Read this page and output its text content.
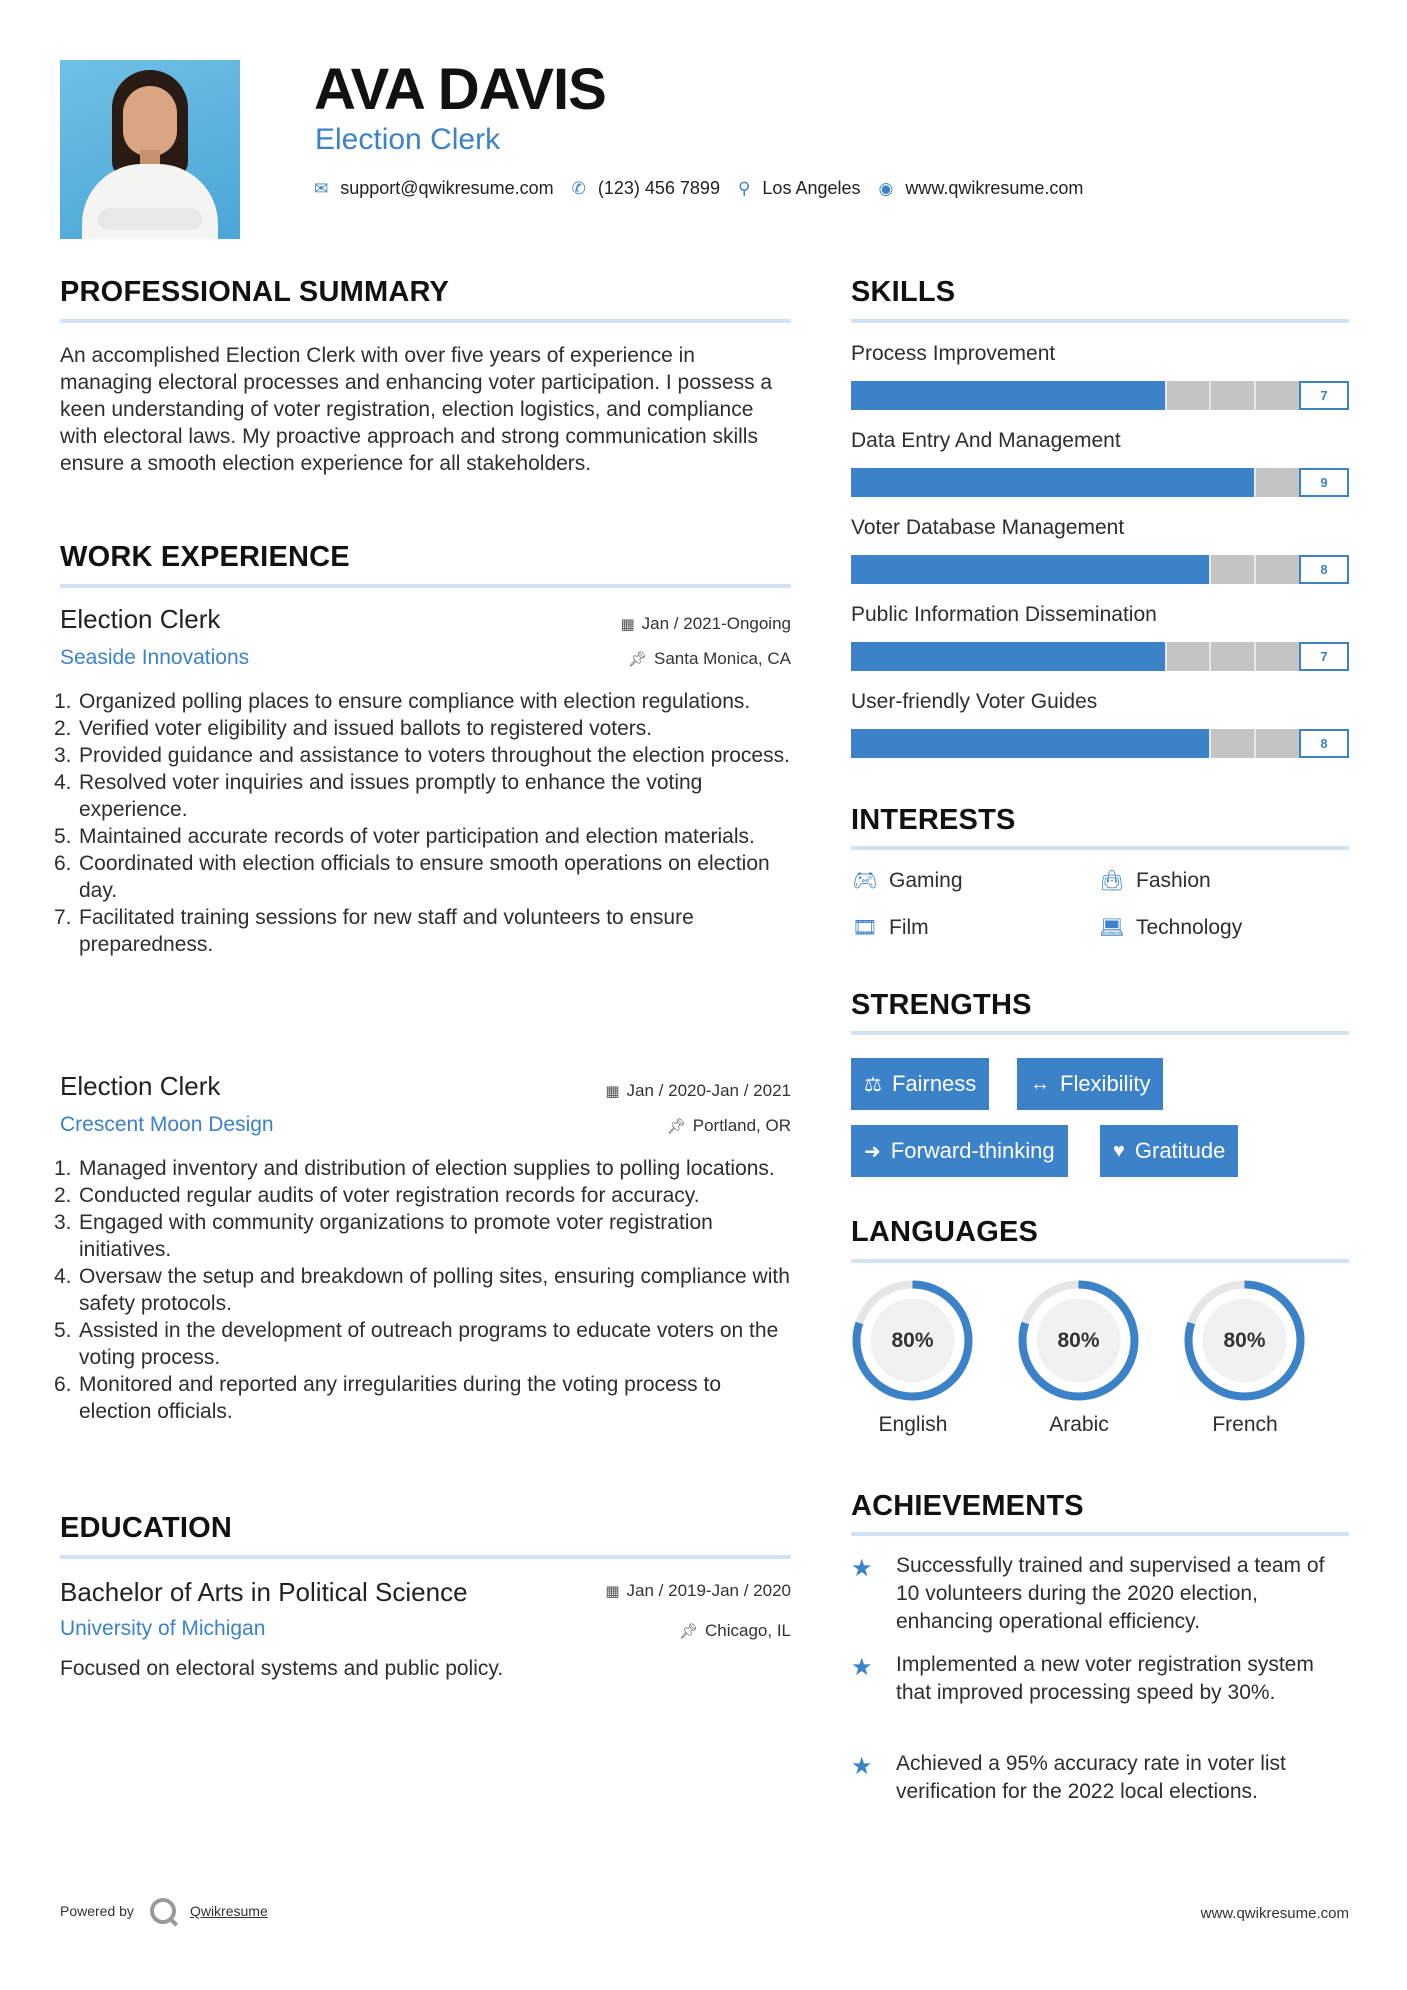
AVA DAVIS
Election Clerk
✉ support@qwikresume.com ✆ (123) 456 7899 ⚲ Los Angeles ◉ www.qwikresume.com
PROFESSIONAL SUMMARY
An accomplished Election Clerk with over five years of experience in managing electoral processes and enhancing voter participation. I possess a keen understanding of voter registration, election logistics, and compliance with electoral laws. My proactive approach and strong communication skills ensure a smooth election experience for all stakeholders.
WORK EXPERIENCE
Election Clerk	▦ Jan / 2021-Ongoing
Seaside Innovations	📌︎ Santa Monica, CA
1. Organized polling places to ensure compliance with election regulations.
2. Verified voter eligibility and issued ballots to registered voters.
3. Provided guidance and assistance to voters throughout the election process.
4. Resolved voter inquiries and issues promptly to enhance the voting experience.
5. Maintained accurate records of voter participation and election materials.
6. Coordinated with election officials to ensure smooth operations on election day.
7. Facilitated training sessions for new staff and volunteers to ensure preparedness.
Election Clerk	▦ Jan / 2020-Jan / 2021
Crescent Moon Design	📌︎ Portland, OR
1. Managed inventory and distribution of election supplies to polling locations.
2. Conducted regular audits of voter registration records for accuracy.
3. Engaged with community organizations to promote voter registration initiatives.
4. Oversaw the setup and breakdown of polling sites, ensuring compliance with safety protocols.
5. Assisted in the development of outreach programs to educate voters on the voting process.
6. Monitored and reported any irregularities during the voting process to election officials.
EDUCATION
Bachelor of Arts in Political Science	▦ Jan / 2019-Jan / 2020
University of Michigan	📌︎ Chicago, IL
Focused on electoral systems and public policy.
SKILLS
Process Improvement
7
Data Entry And Management
9
Voter Database Management
8
Public Information Dissemination
7
User-friendly Voter Guides
8
INTERESTS
🎮︎ Gaming	👜︎ Fashion
🎞︎ Film	💻︎ Technology
STRENGTHS
⚖ Fairness	↔ Flexibility
➜ Forward-thinking	♥ Gratitude
LANGUAGES
80%
English
80%
Arabic
80%
French
ACHIEVEMENTS
★	Successfully trained and supervised a team of 10 volunteers during the 2020 election, enhancing operational efficiency.
★	Implemented a new voter registration system that improved processing speed by 30%.
★	Achieved a 95% accuracy rate in voter list verification for the 2022 local elections.
Powered by	Qwikresume	www.qwikresume.com
